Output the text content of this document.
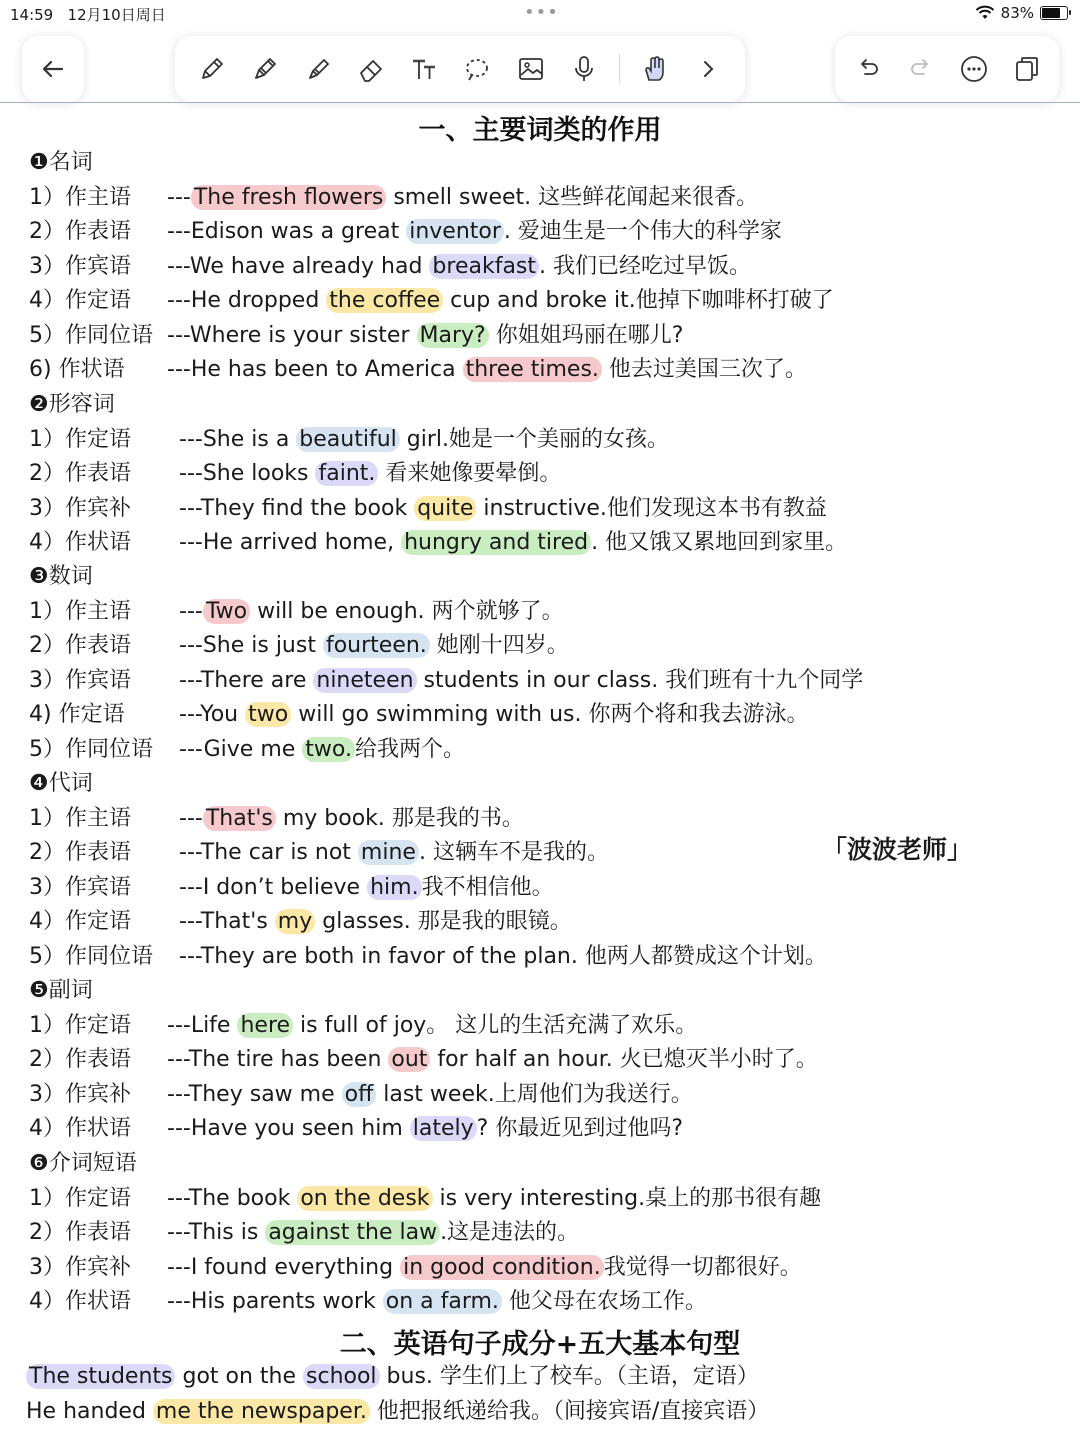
14:59 12月10日周日	•••	83%
一、主要词类的作用
二、英语句子成分+五大基本句型
「波波老师」
❶名词
1）作主语 --- The fresh flowers smell sweet. 这些鲜花闻起来很香。
2）作表语 ---Edison was a great inventor . 爱迪生是一个伟大的科学家
3）作宾语 ---We have already had breakfast . 我们已经吃过早饭。
4）作定语 ---He dropped the coffee cup and broke it.他掉下咖啡杯打破了
5）作同位语 ---Where is your sister Mary? 你姐姐玛丽在哪儿?
6) 作状语 ---He has been to America three times. 他去过美国三次了。
❷形容词
1）作定语 ---She is a beautiful girl.她是一个美丽的女孩。
2）作表语 ---She looks faint. 看来她像要晕倒。
3）作宾补 ---They find the book quite instructive.他们发现这本书有教益
4）作状语 ---He arrived home, hungry and tired . 他又饿又累地回到家里。
❸数词
1）作主语 --- Two will be enough. 两个就够了。
2）作表语 ---She is just fourteen. 她刚十四岁。
3）作宾语 ---There are nineteen students in our class. 我们班有十九个同学
4) 作定语 ---You two will go swimming with us. 你两个将和我去游泳。
5）作同位语 ---Give me two. 给我两个。
❹代词
1）作主语 --- That's my book. 那是我的书。
2）作表语 ---The car is not mine . 这辆车不是我的。
3）作宾语 ---I don’t believe him. 我不相信他。
4）作定语 ---That's my glasses. 那是我的眼镜。
5）作同位语 ---They are both in favor of the plan. 他两人都赞成这个计划。
❺副词
1）作定语 ---Life here is full of joy。 这儿的生活充满了欢乐。
2）作表语 ---The tire has been out for half an hour. 火已熄灭半小时了。
3）作宾补 ---They saw me off last week.上周他们为我送行。
4）作状语 ---Have you seen him lately ? 你最近见到过他吗?
❻介词短语
1）作定语 ---The book on the desk is very interesting.桌上的那书很有趣
2）作表语 ---This is against the law .这是违法的。
3）作宾补 ---I found everything in good condition. 我觉得一切都很好。
4）作状语 ---His parents work on a farm. 他父母在农场工作。
The students got on the school bus. 学生们上了校车。（主语，定语）
He handed me the newspaper. 他把报纸递给我。（间接宾语/直接宾语）
